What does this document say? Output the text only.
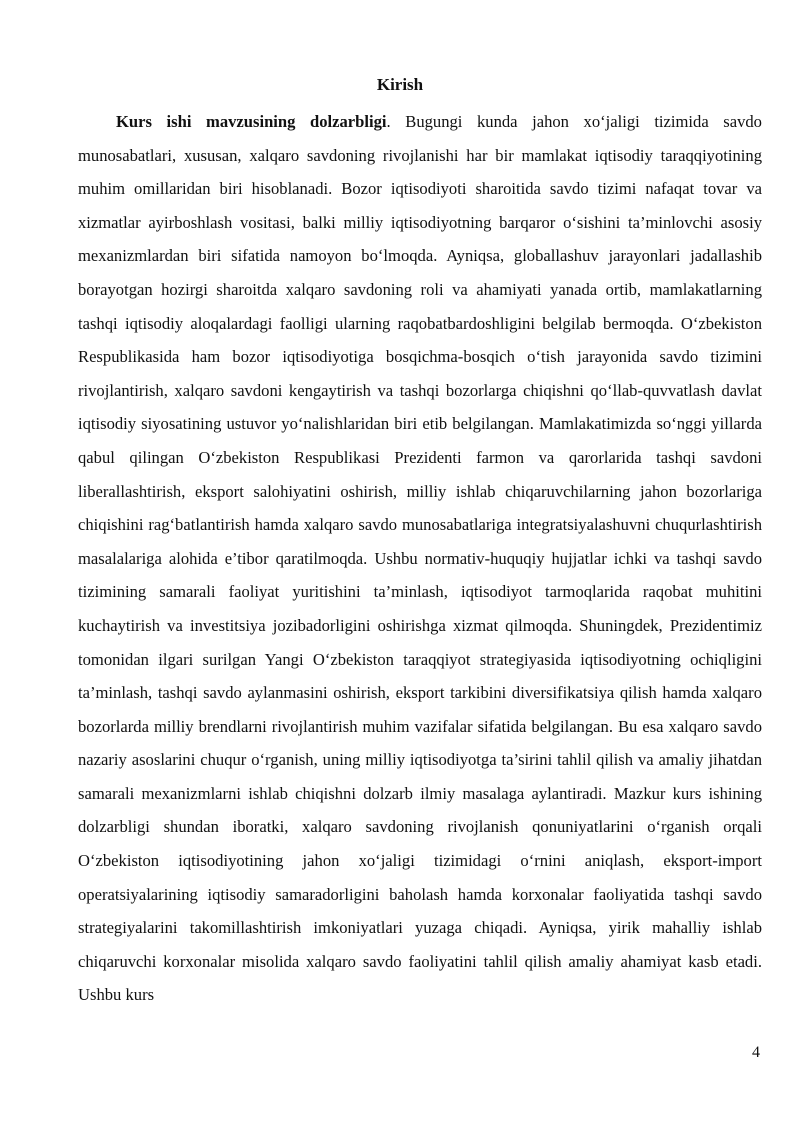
Kirish

Kurs ishi mavzusining dolzarbligi. Bugungi kunda jahon xo‘jaligi tizimida savdo munosabatlari, xususan, xalqaro savdoning rivojlanishi har bir mamlakat iqtisodiy taraqqiyotining muhim omillaridan biri hisoblanadi. Bozor iqtisodiyoti sharoitida savdo tizimi nafaqat tovar va xizmatlar ayirboshlash vositasi, balki milliy iqtisodiyotning barqaror o‘sishini ta’minlovchi asosiy mexanizmlardan biri sifatida namoyon bo‘lmoqda. Ayniqsa, globallashuv jarayonlari jadallashib borayotgan hozirgi sharoitda xalqaro savdoning roli va ahamiyati yanada ortib, mamlakatlarning tashqi iqtisodiy aloqalardagi faolligi ularning raqobatbardoshligini belgilab bermoqda. O‘zbekiston Respublikasida ham bozor iqtisodiyotiga bosqichma-bosqich o‘tish jarayonida savdo tizimini rivojlantirish, xalqaro savdoni kengaytirish va tashqi bozorlarga chiqishni qo‘llab-quvvatlash davlat iqtisodiy siyosatining ustuvor yo‘nalishlaridan biri etib belgilangan. Mamlakatimizda so‘nggi yillarda qabul qilingan O‘zbekiston Respublikasi Prezidenti farmon va qarorlarida tashqi savdoni liberallashtirish, eksport salohiyatini oshirish, milliy ishlab chiqaruvchilarning jahon bozorlariga chiqishini rag‘batlantirish hamda xalqaro savdo munosabatlariga integratsiyalashuvni chuqurlashtirish masalalariga alohida e’tibor qaratilmoqda. Ushbu normativ-huquqiy hujjatlar ichki va tashqi savdo tizimining samarali faoliyat yuritishini ta’minlash, iqtisodiyot tarmoqlarida raqobat muhitini kuchaytirish va investitsiya jozibadorligini oshirishga xizmat qilmoqda. Shuningdek, Prezidentimiz tomonidan ilgari surilgan Yangi O‘zbekiston taraqqiyot strategiyasida iqtisodiyotning ochiqligini ta’minlash, tashqi savdo aylanmasini oshirish, eksport tarkibini diversifikatsiya qilish hamda xalqaro bozorlarda milliy brendlarni rivojlantirish muhim vazifalar sifatida belgilangan. Bu esa xalqaro savdo nazariy asoslarini chuqur o‘rganish, uning milliy iqtisodiyotga ta’sirini tahlil qilish va amaliy jihatdan samarali mexanizmlarni ishlab chiqishni dolzarb ilmiy masalaga aylantiradi. Mazkur kurs ishining dolzarbligi shundan iboratki, xalqaro savdoning rivojlanish qonuniyatlarini o‘rganish orqali O‘zbekiston iqtisodiyotining jahon xo‘jaligi tizimidagi o‘rnini aniqlash, eksport-import operatsiyalarining iqtisodiy samaradorligini baholash hamda korxonalar faoliyatida tashqi savdo strategiyalarini takomillashtirish imkoniyatlari yuzaga chiqadi. Ayniqsa, yirik mahalliy ishlab chiqaruvchi korxonalar misolida xalqaro savdo faoliyatini tahlil qilish amaliy ahamiyat kasb etadi. Ushbu kurs

4
